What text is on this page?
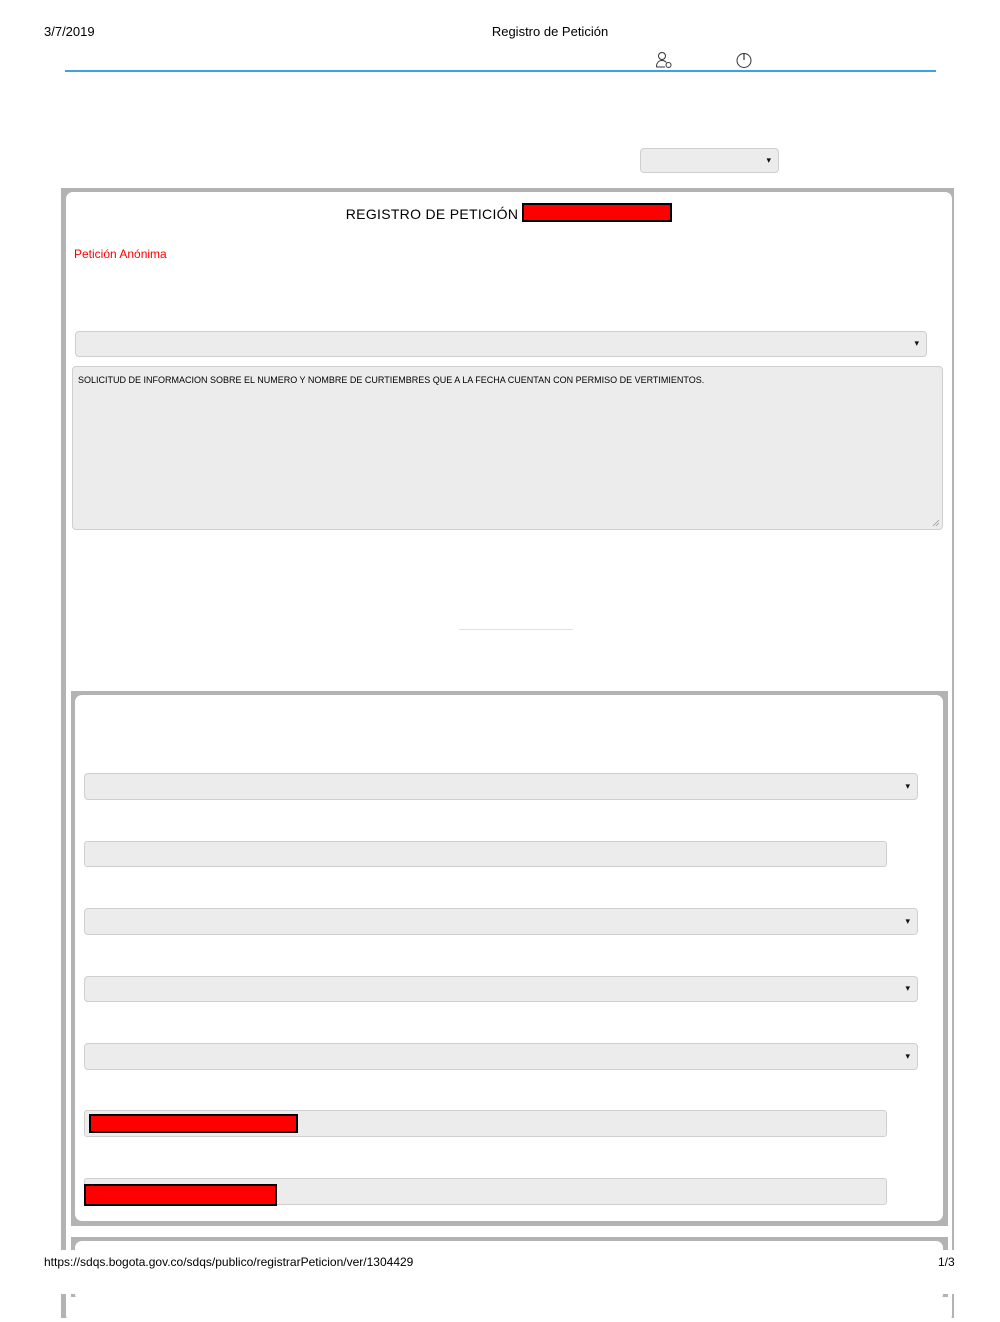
3/7/2019	Registro de Petición
▾
REGISTRO DE PETICIÓN
Petición Anónima
▾
SOLICITUD DE INFORMACION SOBRE EL NUMERO Y NOMBRE DE CURTIEMBRES QUE A LA FECHA CUENTAN CON PERMISO DE VERTIMIENTOS.
▾
▾
▾
▾
https://sdqs.bogota.gov.co/sdqs/publico/registrarPeticion/ver/1304429	1/3
